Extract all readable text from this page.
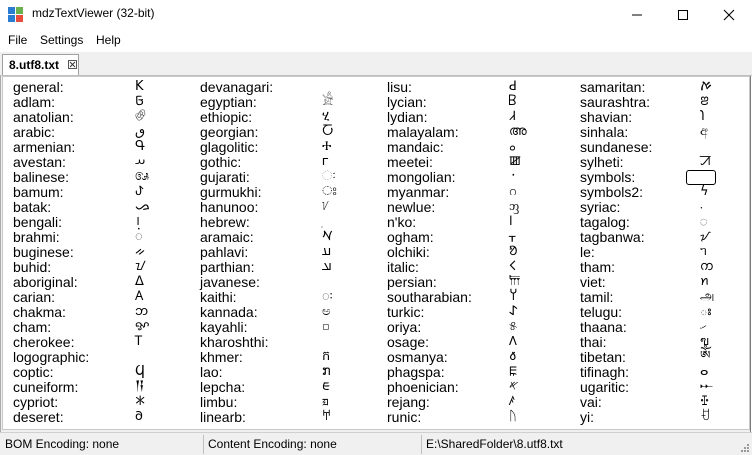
mdzTextViewer (32-bit)
File Settings Help
8.utf8.txt
general:	K
adlam:	𞤀
anatolian:	𔐀
arabic:	ٯ
armenian:	Գ
avestan:	𐬀
balinese:	ᬅ
bamum:	ꚠ
batak:	ᯀ
bengali:	।
brahmi:	𑀁
buginese:	ᨀ
buhid:	ᝀ
aboriginal:	ᐃ
carian:	𐊠
chakma:	𑄃
cham:	ꨀ
cherokee:	Ꭲ
logographic:
coptic:	Ϥ
cuneiform:	𒀀
cypriot:	𐠀
deseret:	𐐀
devanagari:
egyptian:	𓀀
ethiopic:	ሂ
georgian:	Ⴀ
glagolitic:	Ⰰ
gothic:	𐌲
gujarati:	ઃ
gurmukhi:	ਃ
hanunoo:	ᜠ
hebrew:
aramaic:	𐡀
pahlavi:	𐭠
parthian:	𐭀
javanese:
kaithi:	𑂂
kannada:	ಅ
kayahli:	꤀
kharoshthi:
khmer:	ក
lao:	ກ
lepcha:	ᰀ
limbu:	ᤀ
linearb:	𐀀
lisu:	ꓒ
lycian:	𐊂
lydian:	𐤣
malayalam:	അ
mandaic:	ࡀ
meetei:	ꯀ
mongolian:	᠂
myanmar:	ဂ
newlue:	ᦀ
n'ko:	ߊ
ogham:	ᚁ
olchiki:	ᱚ
italic:	𐌂
persian:	𐎠
southarabian:	𐩠
turkic:	𐰀
oriya:	୫
osage:	𐒰
osmanya:	𐒀
phagspa:	ꡀ
phoenician:	𐤀
rejang:	ꤰ
runic:	ᚢ
samaritan:	ࠀ
saurashtra:	ꢂ
shavian:	𐑐
sinhala:	අ
sundanese:
sylheti:	ꠀ
symbols:
symbols2:	ϟ
syriac:	܁
tagalog:	ᜀ
tagbanwa:	ᝠ
le:	ᥐ
tham:	ᨠ
viet:	ꪀ
tamil:	அ
telugu:	ః
thaana:	ހ
thai:	ฃ
tibetan:	ༀ
tifinagh:	ⴰ
ugaritic:	𐎀
vai:	ꔀ
yi:	ꀀ
BOM Encoding: none	Content Encoding: none	E:\SharedFolder\8.utf8.txt
